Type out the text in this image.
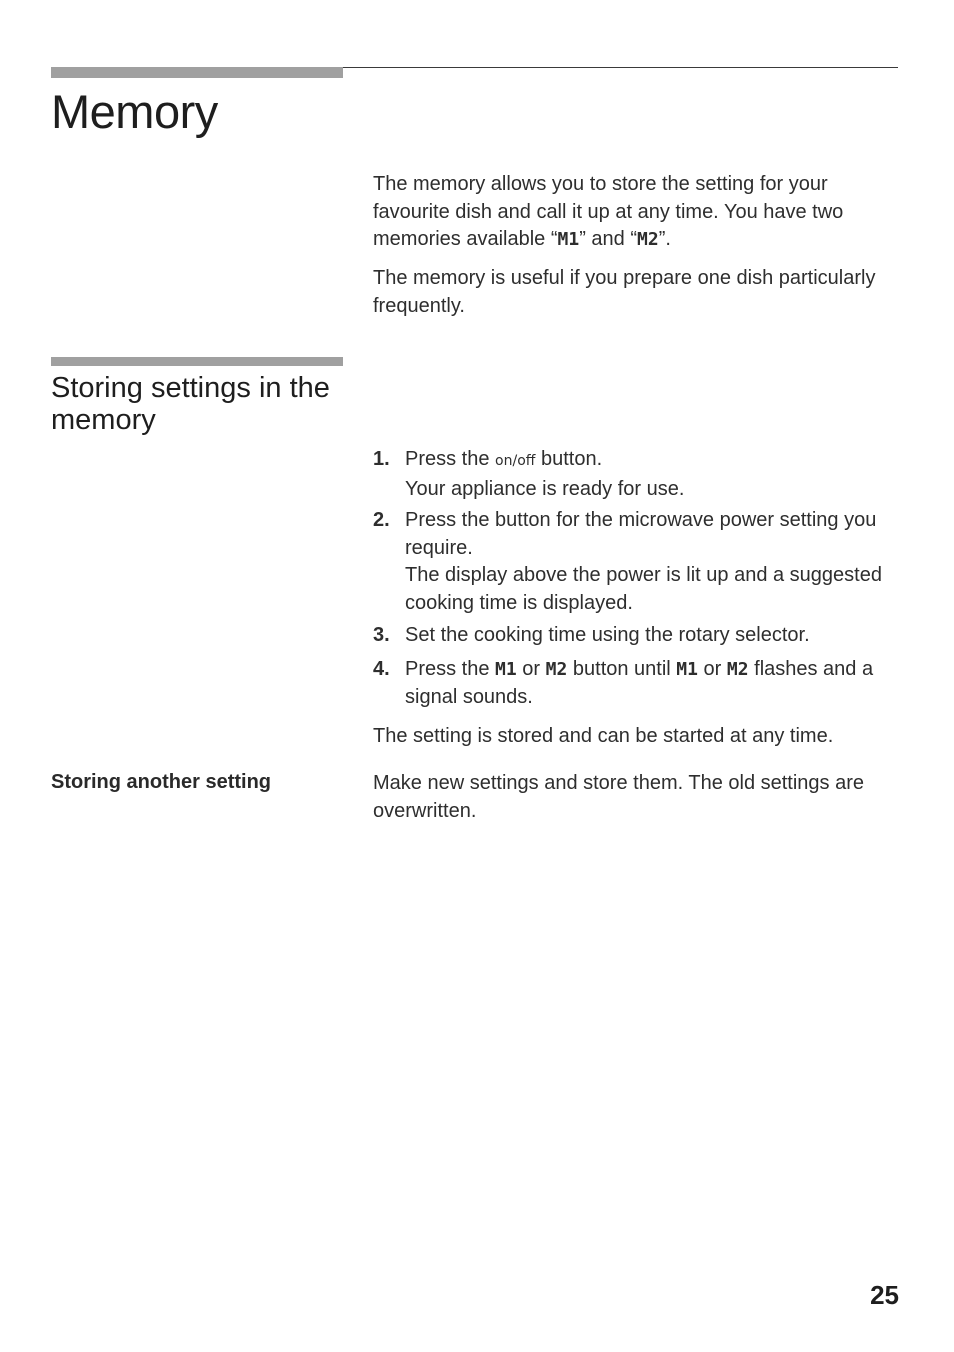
Memory

The memory allows you to store the setting for your favourite dish and call it up at any time. You have two memories available “M1” and “M2”.

The memory is useful if you prepare one dish particularly frequently.

Storing settings in the memory
1. Press the on/off button.
Your appliance is ready for use.
2. Press the button for the microwave power setting you require.
The display above the power is lit up and a suggested cooking time is displayed.
3. Set the cooking time using the rotary selector.
4. Press the M1 or M2 button until M1 or M2 flashes and a signal sounds.

The setting is stored and can be started at any time.

Storing another setting	Make new settings and store them. The old settings are overwritten.

25
